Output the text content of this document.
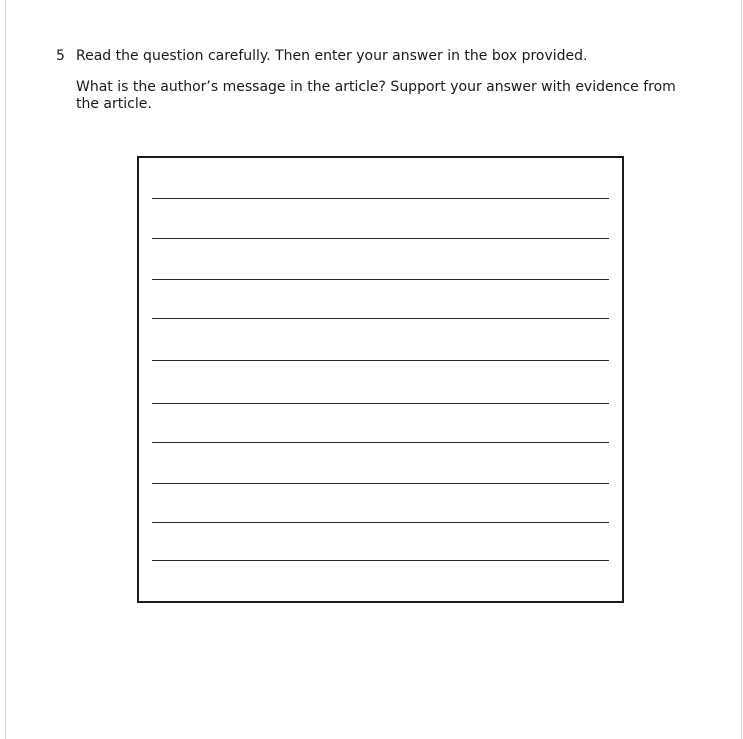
5 Read the question carefully. Then enter your answer in the box provided.
What is the author’s message in the article? Support your answer with evidence from the article.
